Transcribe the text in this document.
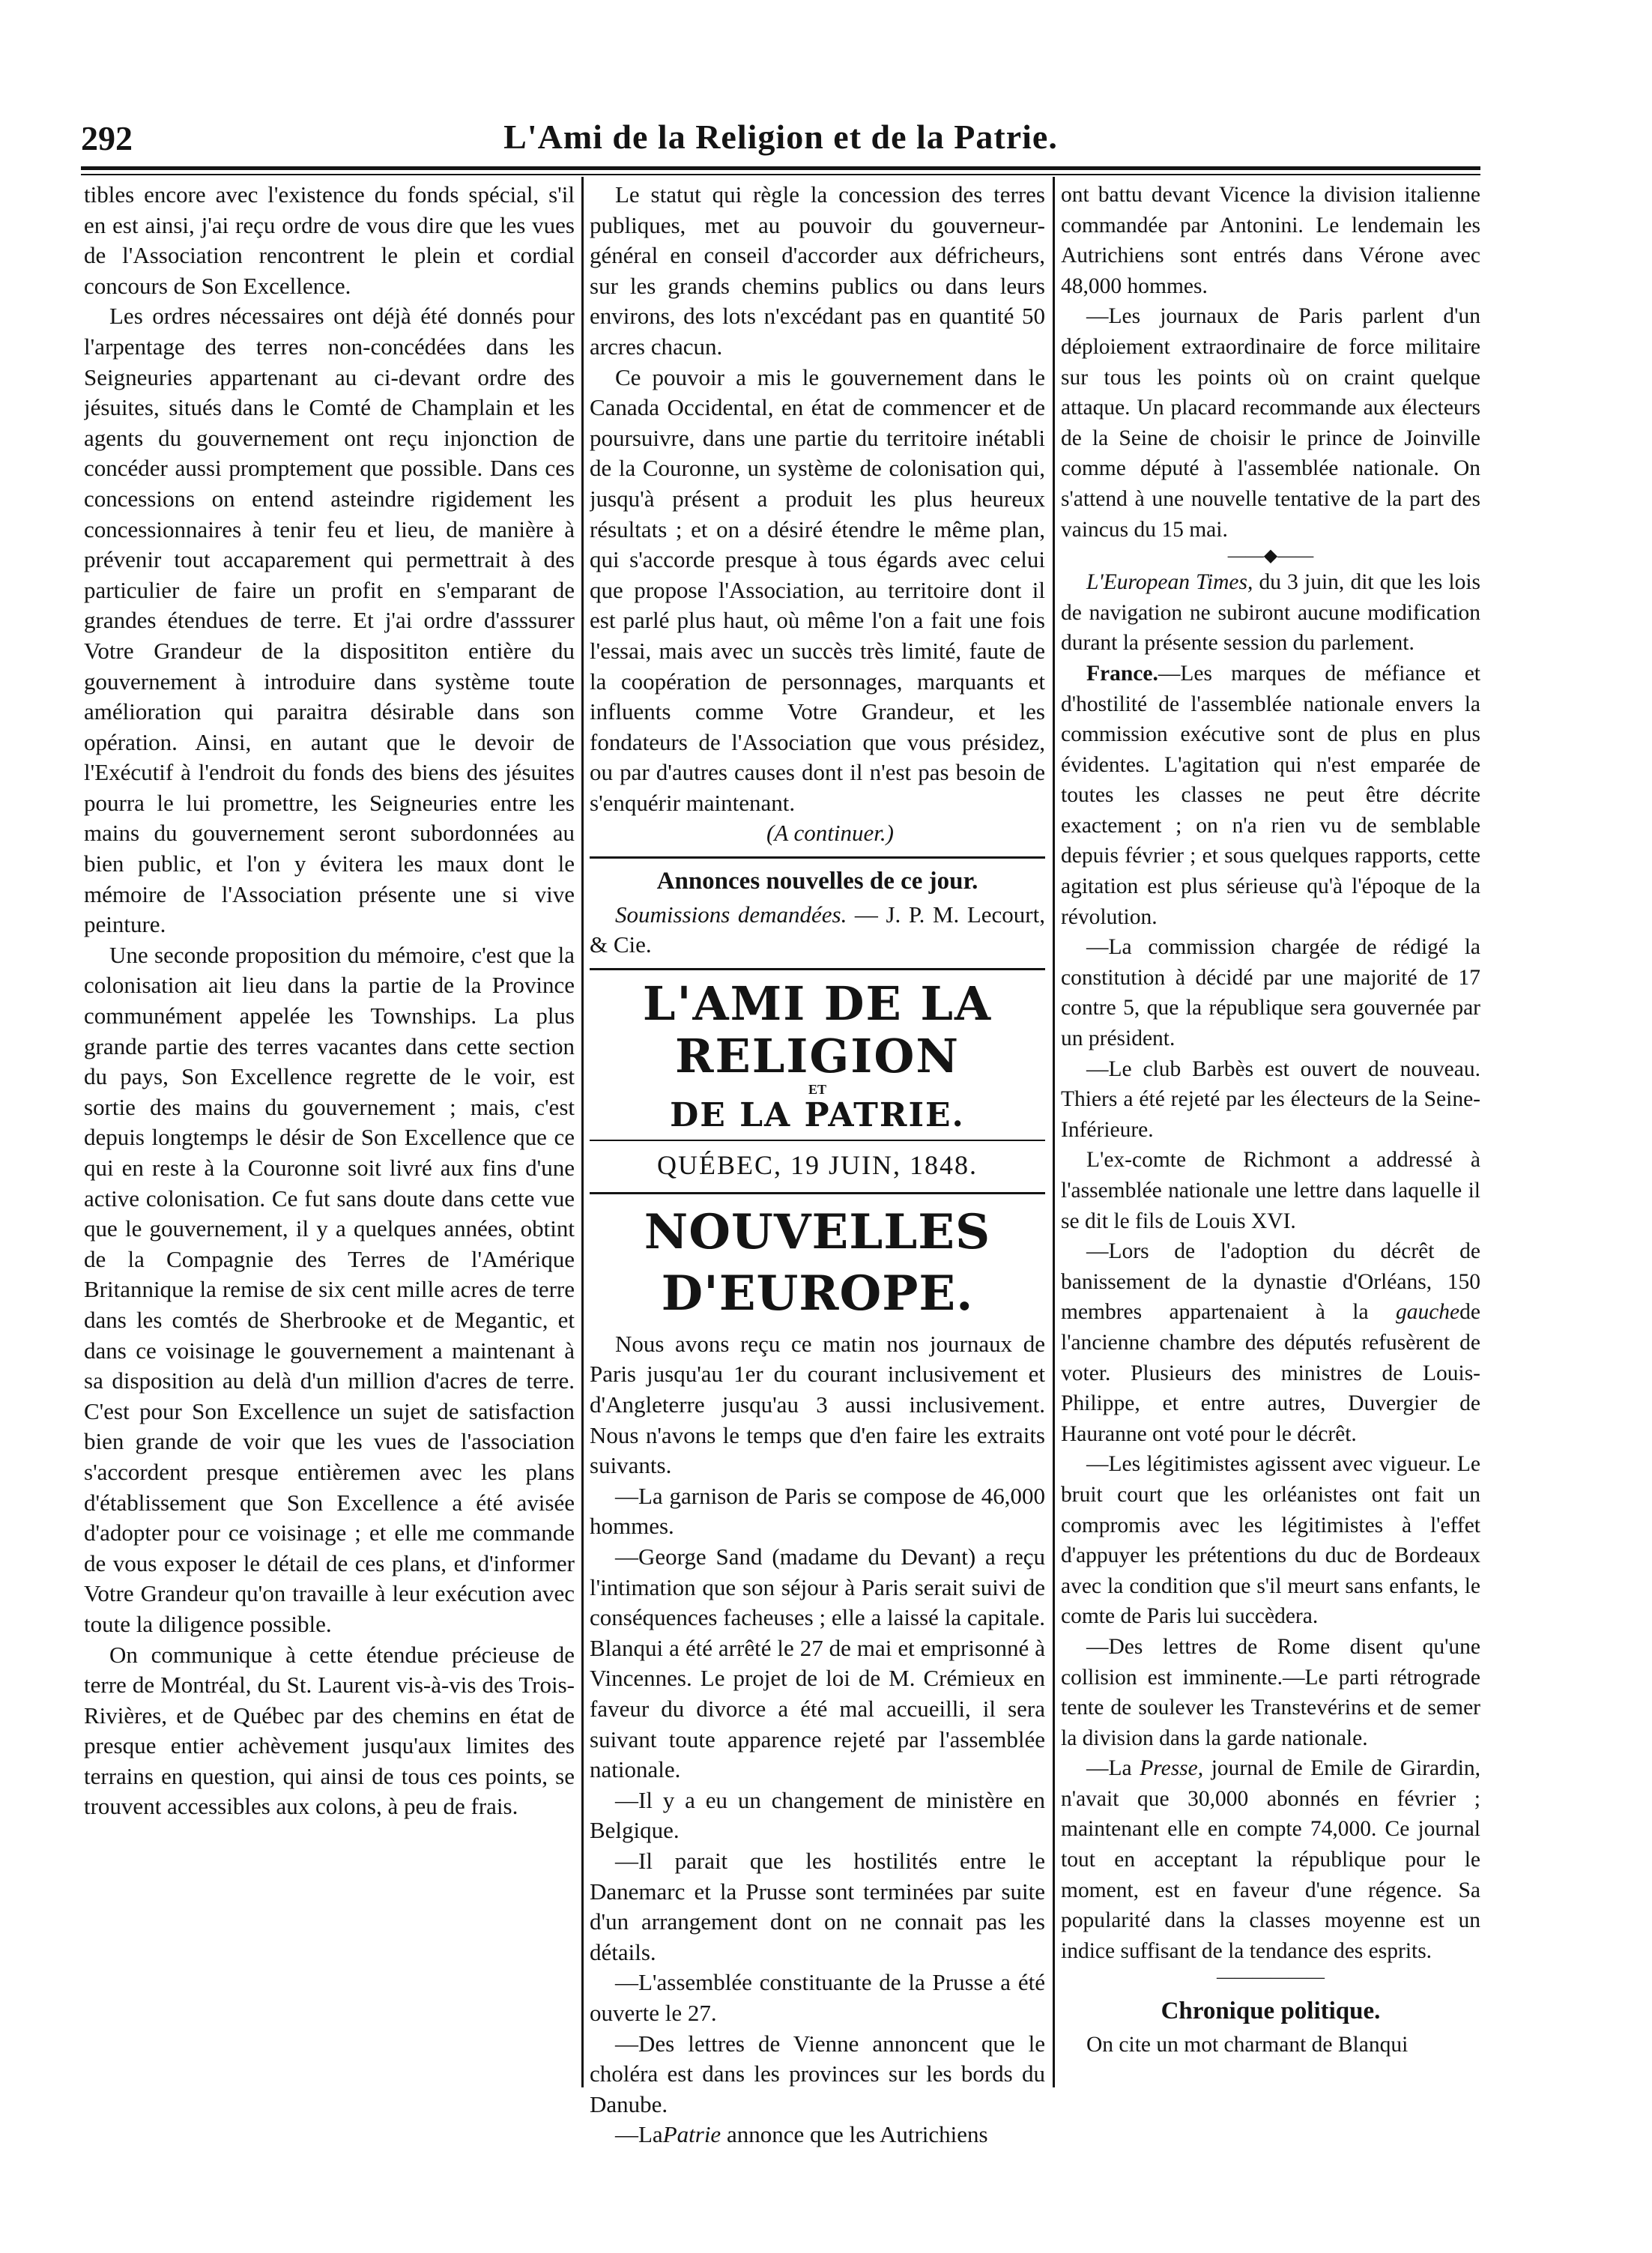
292	L'Ami de la Religion et de la Patrie.

tibles encore avec l'existence du fonds spécial, s'il en est ainsi, j'ai reçu ordre de vous dire que les vues de l'Association rencontrent le plein et cordial concours de Son Excellence.

Les ordres nécessaires ont déjà été donnés pour l'arpentage des terres non-concédées dans les Seigneuries appartenant au ci-devant ordre des jésuites, situés dans le Comté de Champlain et les agents du gouvernement ont reçu injonction de concéder aussi promptement que possible. Dans ces concessions on entend asteindre rigidement les concessionnaires à tenir feu et lieu, de manière à prévenir tout accaparement qui permettrait à des particulier de faire un profit en s'emparant de grandes étendues de terre. Et j'ai ordre d'asssurer Votre Grandeur de la disposititon entière du gouvernement à introduire dans système toute amélioration qui paraitra désirable dans son opération. Ainsi, en autant que le devoir de l'Exécutif à l'endroit du fonds des biens des jésuites pourra le lui promettre, les Seigneuries entre les mains du gouvernement seront subordonnées au bien public, et l'on y évitera les maux dont le mémoire de l'Association présente une si vive peinture.

Une seconde proposition du mémoire, c'est que la colonisation ait lieu dans la partie de la Province communément appelée les Townships. La plus grande partie des terres vacantes dans cette section du pays, Son Excellence regrette de le voir, est sortie des mains du gouvernement ; mais, c'est depuis longtemps le désir de Son Excellence que ce qui en reste à la Couronne soit livré aux fins d'une active colonisation. Ce fut sans doute dans cette vue que le gouvernement, il y a quelques années, obtint de la Compagnie des Terres de l'Amérique Britannique la remise de six cent mille acres de terre dans les comtés de Sherbrooke et de Megantic, et dans ce voisinage le gouvernement a maintenant à sa disposition au delà d'un million d'acres de terre. C'est pour Son Excellence un sujet de satisfaction bien grande de voir que les vues de l'association s'accordent presque entièremen avec les plans d'établissement que Son Excellence a été avisée d'adopter pour ce voisinage ; et elle me commande de vous exposer le détail de ces plans, et d'informer Votre Grandeur qu'on travaille à leur exécution avec toute la diligence possible.

On communique à cette étendue précieuse de terre de Montréal, du St. Laurent vis-à-vis des Trois-Rivières, et de Québec par des chemins en état de presque entier achèvement jusqu'aux limites des terrains en question, qui ainsi de tous ces points, se trouvent accessibles aux colons, à peu de frais.

Le statut qui règle la concession des terres publiques, met au pouvoir du gouverneur-général en conseil d'accorder aux défricheurs, sur les grands chemins publics ou dans leurs environs, des lots n'excédant pas en quantité 50 arcres chacun.

Ce pouvoir a mis le gouvernement dans le Canada Occidental, en état de commencer et de poursuivre, dans une partie du territoire inétabli de la Couronne, un système de colonisation qui, jusqu'à présent a produit les plus heureux résultats ; et on a désiré étendre le même plan, qui s'accorde presque à tous égards avec celui que propose l'Association, au territoire dont il est parlé plus haut, où même l'on a fait une fois l'essai, mais avec un succès très limité, faute de la coopération de personnages, marquants et influents comme Votre Grandeur, et les fondateurs de l'Association que vous présidez, ou par d'autres causes dont il n'est pas besoin de s'enquérir maintenant.

(A continuer.)

Annonces nouvelles de ce jour.

Soumissions demandées. — J. P. M. Lecourt, & Cie.

L'AMI DE LA RELIGION
ET
DE LA PATRIE.
QUÉBEC, 19 JUIN, 1848.
NOUVELLES D'EUROPE.

Nous avons reçu ce matin nos journaux de Paris jusqu'au 1er du courant inclusivement et d'Angleterre jusqu'au 3 aussi inclusivement. Nous n'avons le temps que d'en faire les extraits suivants.

—La garnison de Paris se compose de 46,000 hommes.

—George Sand (madame du Devant) a reçu l'intimation que son séjour à Paris serait suivi de conséquences facheuses ; elle a laissé la capitale. Blanqui a été arrêté le 27 de mai et emprisonné à Vincennes. Le projet de loi de M. Crémieux en faveur du divorce a été mal accueilli, il sera suivant toute apparence rejeté par l'assemblée nationale.

—Il y a eu un changement de ministère en Belgique.

—Il parait que les hostilités entre le Danemarc et la Prusse sont terminées par suite d'un arrangement dont on ne connait pas les détails.

—L'assemblée constituante de la Prusse a été ouverte le 27.

—Des lettres de Vienne annoncent que le choléra est dans les provinces sur les bords du Danube.

—LaPatrie annonce que les Autrichiens

ont battu devant Vicence la division italienne commandée par Antonini. Le lendemain les Autrichiens sont entrés dans Vérone avec 48,000 hommes.

—Les journaux de Paris parlent d'un déploiement extraordinaire de force militaire sur tous les points où on craint quelque attaque. Un placard recommande aux électeurs de la Seine de choisir le prince de Joinville comme député à l'assemblée nationale. On s'attend à une nouvelle tentative de la part des vaincus du 15 mai.

——◆——

L'European Times, du 3 juin, dit que les lois de navigation ne subiront aucune modification durant la présente session du parlement.

France.—Les marques de méfiance et d'hostilité de l'assemblée nationale envers la commission exécutive sont de plus en plus évidentes. L'agitation qui n'est emparée de toutes les classes ne peut être décrite exactement ; on n'a rien vu de semblable depuis février ; et sous quelques rapports, cette agitation est plus sérieuse qu'à l'époque de la révolution.

—La commission chargée de rédigé la constitution à décidé par une majorité de 17 contre 5, que la république sera gouvernée par un président.

—Le club Barbès est ouvert de nouveau. Thiers a été rejeté par les électeurs de la Seine-Inférieure.

L'ex-comte de Richmont a addressé à l'assemblée nationale une lettre dans laquelle il se dit le fils de Louis XVI.

—Lors de l'adoption du décrêt de banissement de la dynastie d'Orléans, 150 membres appartenaient à la gauchede l'ancienne chambre des députés refusèrent de voter. Plusieurs des ministres de Louis-Philippe, et entre autres, Duvergier de Hauranne ont voté pour le décrêt.

—Les légitimistes agissent avec vigueur. Le bruit court que les orléanistes ont fait un compromis avec les légitimistes à l'effet d'appuyer les prétentions du duc de Bordeaux avec la condition que s'il meurt sans enfants, le comte de Paris lui succèdera.

—Des lettres de Rome disent qu'une collision est imminente.—Le parti rétrograde tente de soulever les Transtevérins et de semer la division dans la garde nationale.

—La Presse, journal de Emile de Girardin, n'avait que 30,000 abonnés en février ; maintenant elle en compte 74,000. Ce journal tout en acceptant la république pour le moment, est en faveur d'une régence. Sa popularité dans la classes moyenne est un indice suffisant de la tendance des esprits.

——————
Chronique politique.

On cite un mot charmant de Blanqui
